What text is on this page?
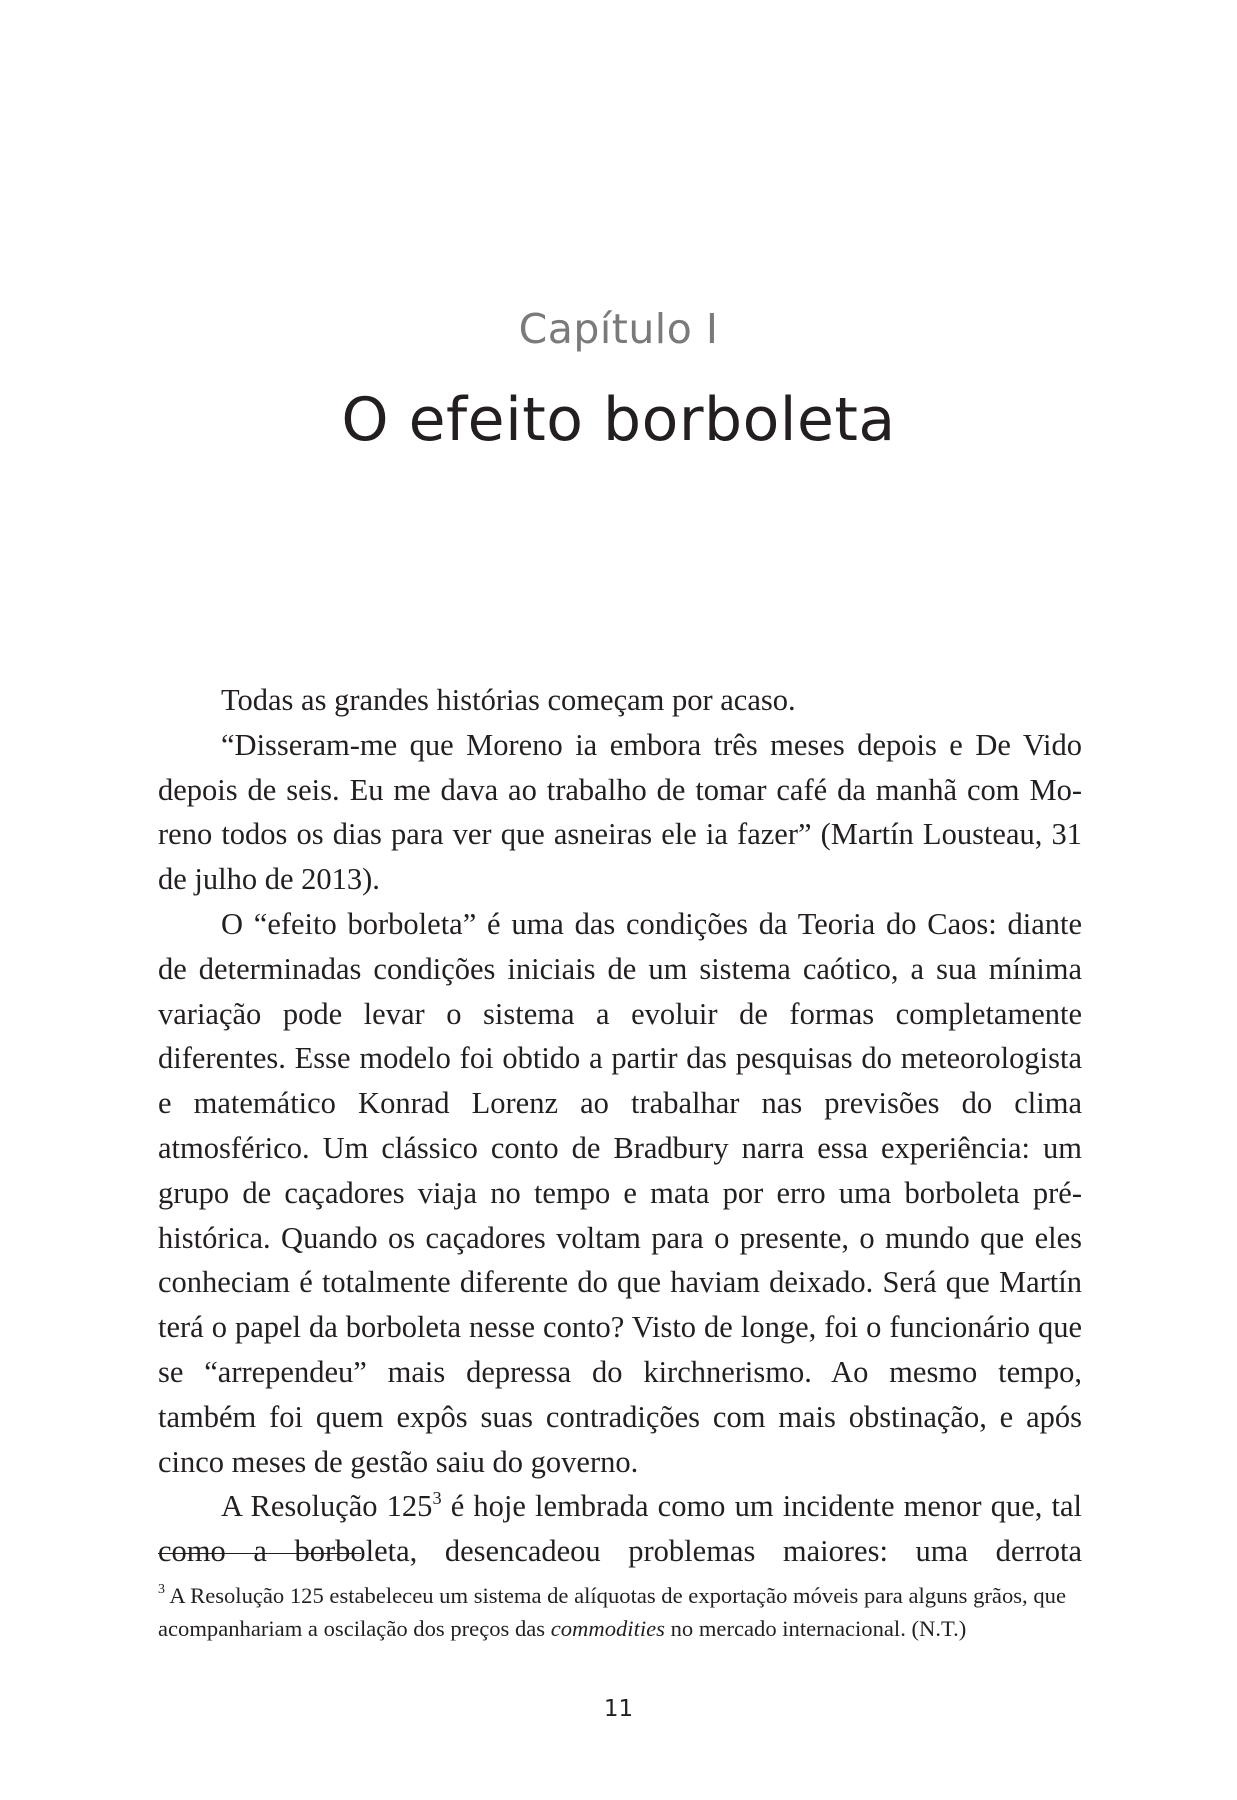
Capítulo I
O efeito borboleta

Todas as grandes histórias começam por acaso.

“Disseram-me que Moreno ia embora três meses depois e De Vido depois de seis. Eu me dava ao trabalho de tomar café da manhã com Moreno todos os dias para ver que asneiras ele ia fazer” (Martín Lousteau, 31 de julho de 2013).

O “efeito borboleta” é uma das condições da Teoria do Caos: diante de determinadas condições iniciais de um sistema caótico, a sua mínima variação pode levar o sistema a evoluir de formas completamente diferentes. Esse modelo foi obtido a partir das pesquisas do meteorologista e matemático Konrad Lorenz ao trabalhar nas previsões do clima atmosférico. Um clássico conto de Bradbury narra essa experiência: um grupo de caçadores viaja no tempo e mata por erro uma borboleta pré-histórica. Quando os caçadores voltam para o presente, o mundo que eles conheciam é totalmente diferente do que haviam deixado. Será que Martín terá o papel da borboleta nesse conto? Visto de longe, foi o funcionário que se “arrependeu” mais depressa do kirchnerismo. Ao mesmo tempo, também foi quem expôs suas contradições com mais obstinação, e após cinco meses de gestão saiu do governo.

A Resolução $125^3$ é hoje lembrada como um incidente menor que, tal como a borboleta, desencadeou problemas maiores: uma derrota

$^3$ A Resolução 125 estabeleceu um sistema de alíquotas de exportação móveis para alguns grãos, que acompanhariam a oscilação dos preços das commodities no mercado internacional. (N.T.)

11
